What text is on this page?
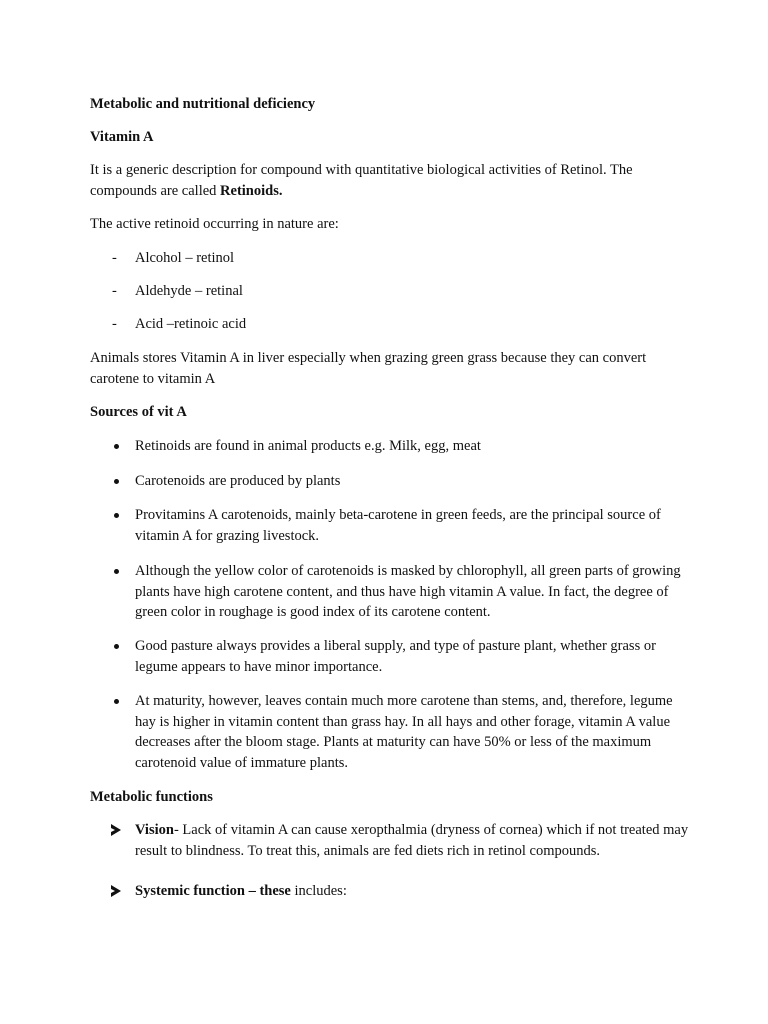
Metabolic and nutritional deficiency

Vitamin A

It is a generic description for compound with quantitative biological activities of Retinol. The compounds are called Retinoids.

The active retinoid occurring in nature are:

- Alcohol – retinol
- Aldehyde – retinal
- Acid –retinoic acid

Animals stores Vitamin A in liver especially when grazing green grass because they can convert carotene to vitamin A

Sources of vit A

Retinoids are found in animal products e.g. Milk, egg, meat
Carotenoids are produced by plants
Provitamins A carotenoids, mainly beta-carotene in green feeds, are the principal source of vitamin A for grazing livestock.
Although the yellow color of carotenoids is masked by chlorophyll, all green parts of growing plants have high carotene content, and thus have high vitamin A value. In fact, the degree of green color in roughage is good index of its carotene content.
Good pasture always provides a liberal supply, and type of pasture plant, whether grass or legume appears to have minor importance.
At maturity, however, leaves contain much more carotene than stems, and, therefore, legume hay is higher in vitamin content than grass hay. In all hays and other forage, vitamin A value decreases after the bloom stage. Plants at maturity can have 50% or less of the maximum carotenoid value of immature plants.

Metabolic functions

Vision- Lack of vitamin A can cause xeropthalmia (dryness of cornea) which if not treated may result to blindness. To treat this, animals are fed diets rich in retinol compounds.
Systemic function – these includes:
